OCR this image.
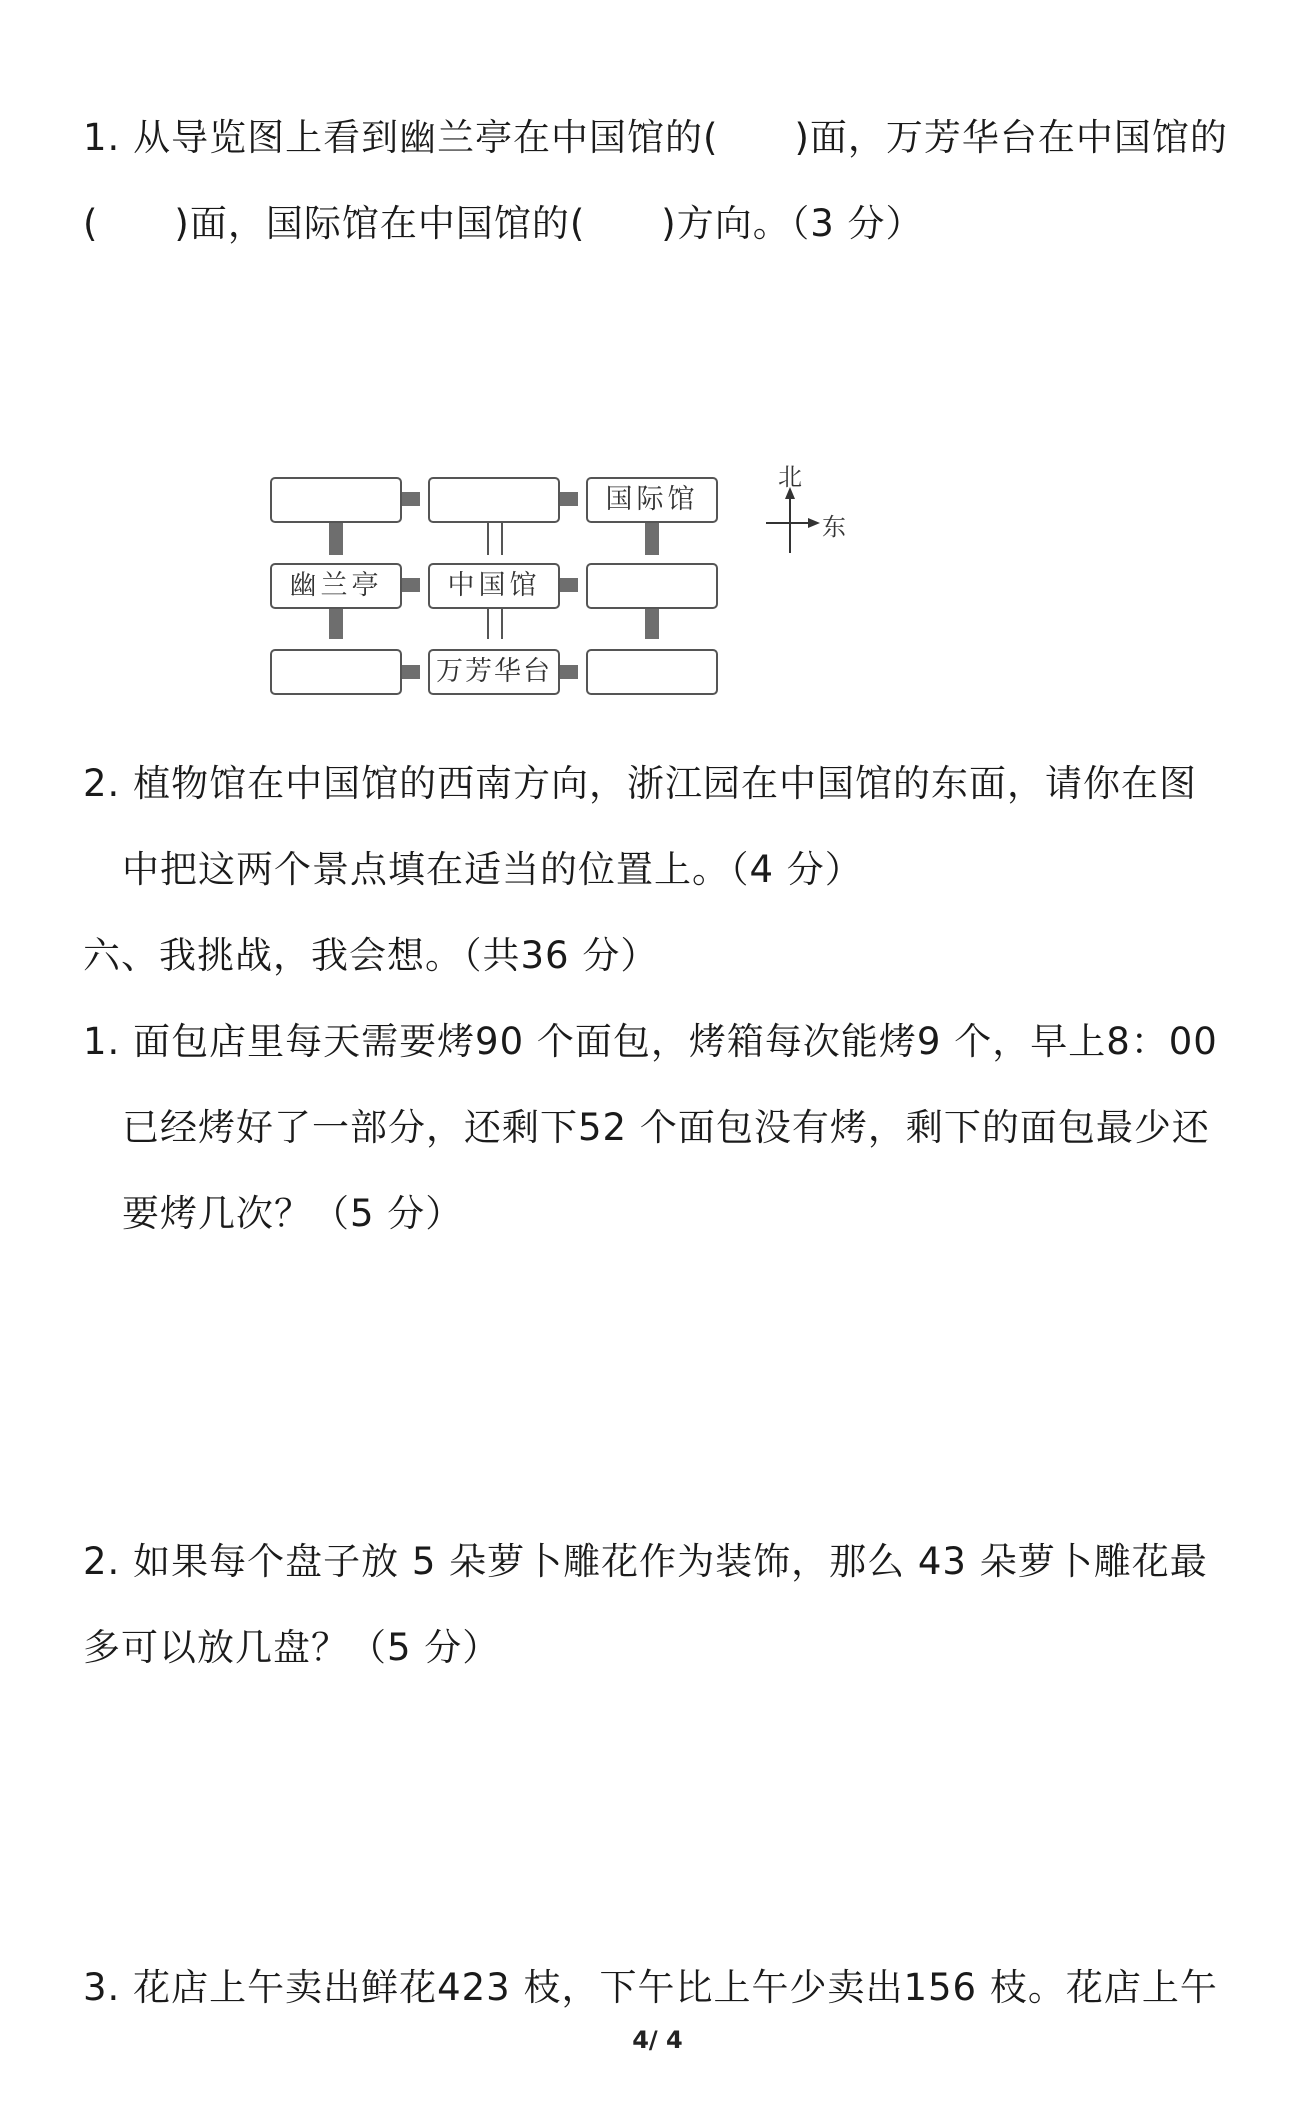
1. 从导览图上看到幽兰亭在中国馆的(　　)面，万芳华台在中国馆的
(　　)面，国际馆在中国馆的(　　)方向。（3 分）
国际馆
幽兰亭	中国馆
万芳华台
北
东
2. 植物馆在中国馆的西南方向，浙江园在中国馆的东面，请你在图
中把这两个景点填在适当的位置上。（4 分）
六、我挑战，我会想。（共36 分）
1. 面包店里每天需要烤90 个面包，烤箱每次能烤9 个，早上8：00
已经烤好了一部分，还剩下52 个面包没有烤，剩下的面包最少还
要烤几次？（5 分）
2. 如果每个盘子放 5 朵萝卜雕花作为装饰，那么 43 朵萝卜雕花最
多可以放几盘？（5 分）
3. 花店上午卖出鲜花423 枝，下午比上午少卖出156 枝。花店上午
4/ 4
